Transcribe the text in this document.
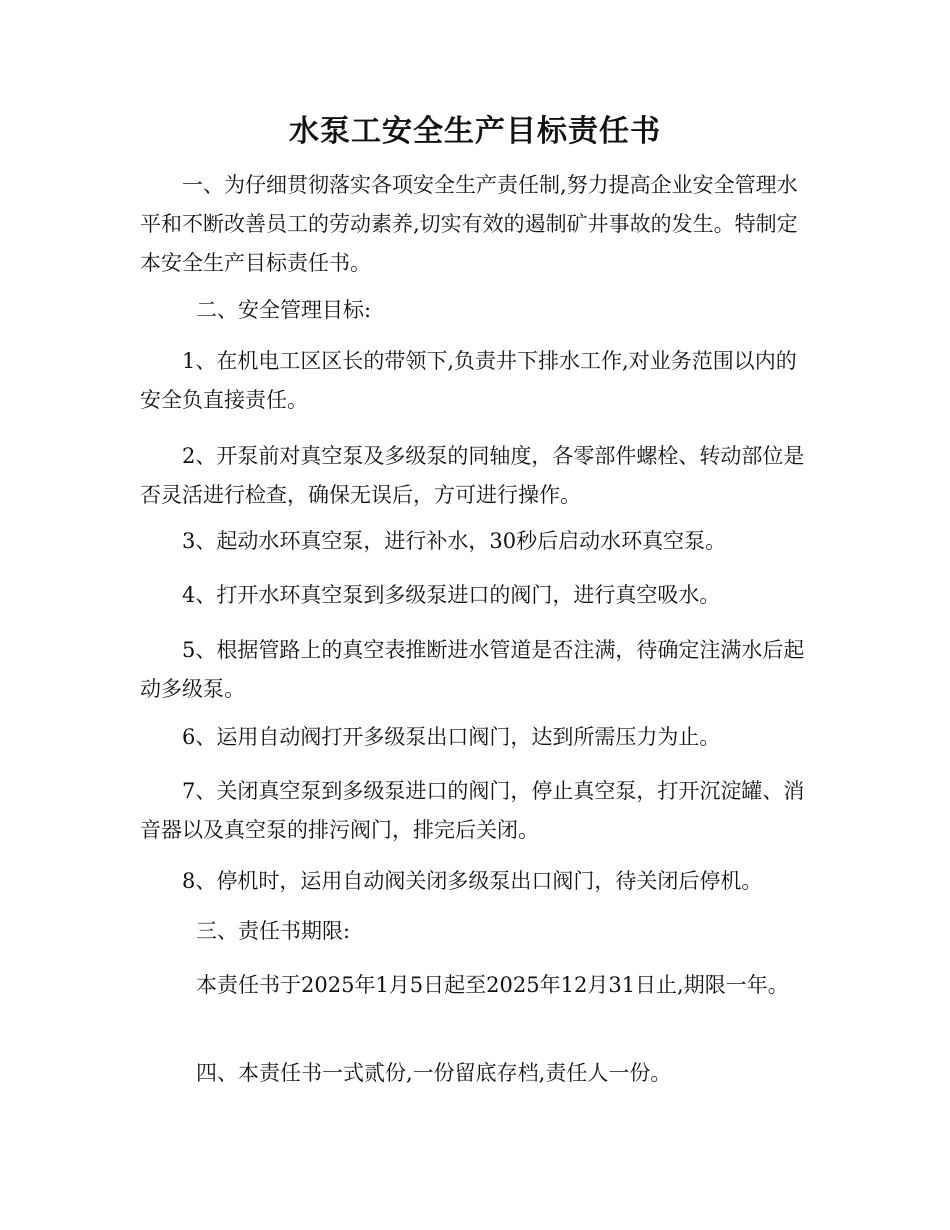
水泵工安全生产目标责任书

一、为仔细贯彻落实各项安全生产责任制,努力提高企业安全管理水平和不断改善员工的劳动素养,切实有效的遏制矿井事故的发生。特制定本安全生产目标责任书。

二、安全管理目标:

1、在机电工区区长的带领下,负责井下排水工作,对业务范围以内的安全负直接责任。

2、开泵前对真空泵及多级泵的同轴度，各零部件螺栓、转动部位是否灵活进行检查，确保无误后，方可进行操作。

3、起动水环真空泵，进行补水，30秒后启动水环真空泵。

4、打开水环真空泵到多级泵进口的阀门，进行真空吸水。

5、根据管路上的真空表推断进水管道是否注满，待确定注满水后起动多级泵。

6、运用自动阀打开多级泵出口阀门，达到所需压力为止。

7、关闭真空泵到多级泵进口的阀门，停止真空泵，打开沉淀罐、消音器以及真空泵的排污阀门，排完后关闭。

8、停机时，运用自动阀关闭多级泵出口阀门，待关闭后停机。

三、责任书期限:

本责任书于2025年1月5日起至2025年12月31日止,期限一年。

四、本责任书一式贰份,一份留底存档,责任人一份。
